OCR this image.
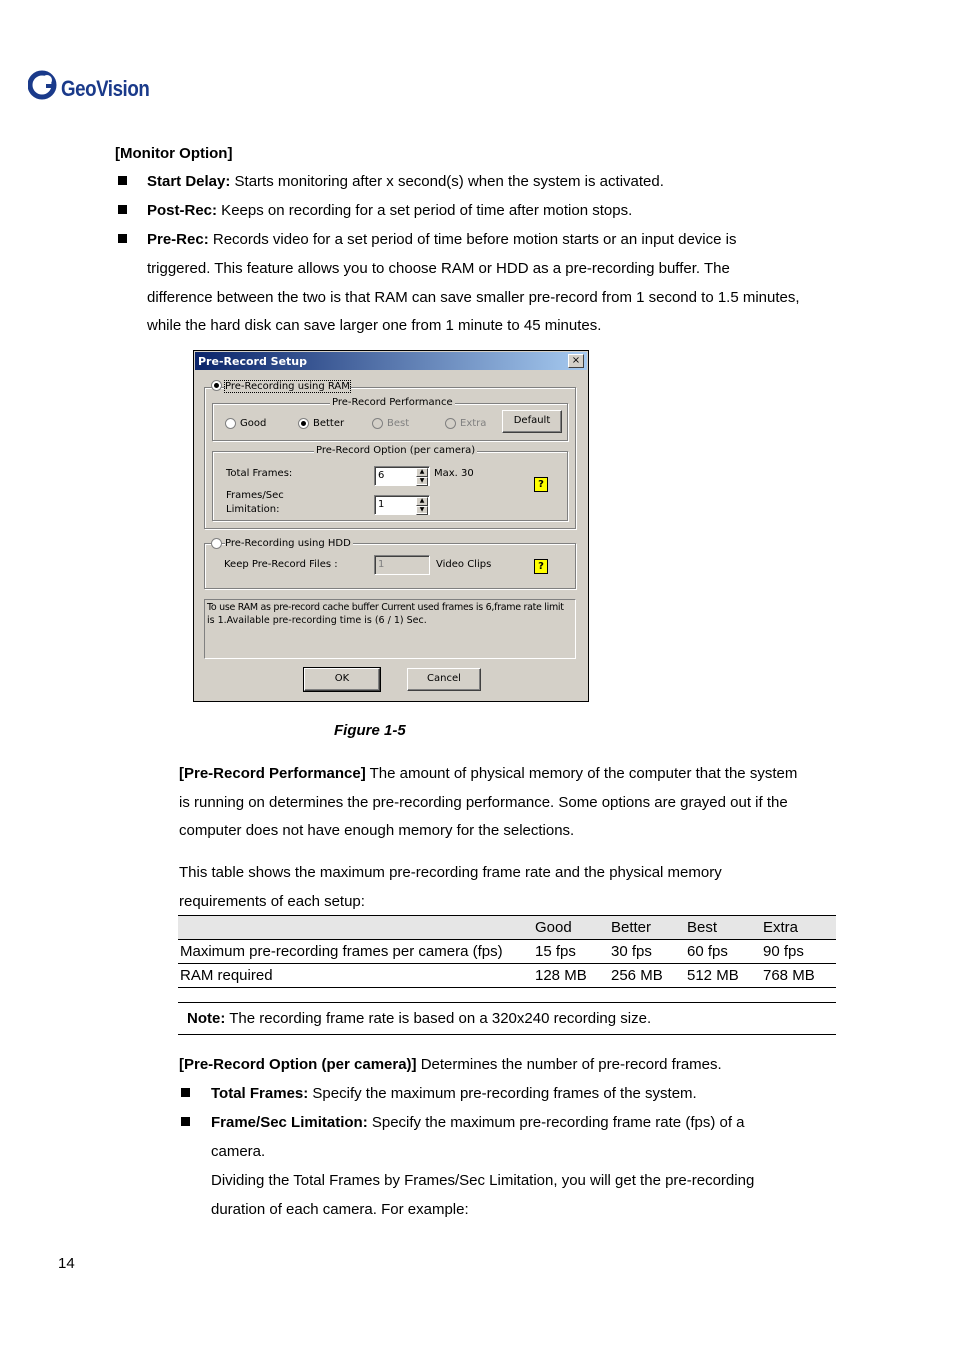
GeoVision
[Monitor Option]
Start Delay: Starts monitoring after x second(s) when the system is activated.
Post-Rec: Keeps on recording for a set period of time after motion stops.
Pre-Rec: Records video for a set period of time before motion starts or an input device is
triggered. This feature allows you to choose RAM or HDD as a pre-recording buffer. The
difference between the two is that RAM can save smaller pre-record from 1 second to 1.5 minutes,
while the hard disk can save larger one from 1 minute to 45 minutes.
Pre-Record Setup	×
Pre-Recording using RAM
Pre-Record Performance
Good	Better	Best	Extra	Default
Pre-Record Option (per camera)
Total Frames:	6	▲
▼
Max. 30
?
Frames/Sec
Limitation:	1	▲
▼
Pre-Recording using HDD
Keep Pre-Record Files :	1	Video Clips	?
To use RAM as pre-record cache buffer Current used frames is 6,frame rate limit
is 1.Available pre-recording time is (6 / 1) Sec.
OK	Cancel
Figure 1-5
[Pre-Record Performance] The amount of physical memory of the computer that the system
is running on determines the pre-recording performance. Some options are grayed out if the
computer does not have enough memory for the selections.
This table shows the maximum pre-recording frame rate and the physical memory
requirements of each setup:
	Good	Better	Best	Extra
Maximum pre-recording frames per camera (fps)	15 fps	30 fps	60 fps	90 fps
RAM required	128 MB	256 MB	512 MB	768 MB
Note: The recording frame rate is based on a 320x240 recording size.
[Pre-Record Option (per camera)] Determines the number of pre-record frames.
Total Frames: Specify the maximum pre-recording frames of the system.
Frame/Sec Limitation: Specify the maximum pre-recording frame rate (fps) of a
camera.
Dividing the Total Frames by Frames/Sec Limitation, you will get the pre-recording
duration of each camera. For example:
14
